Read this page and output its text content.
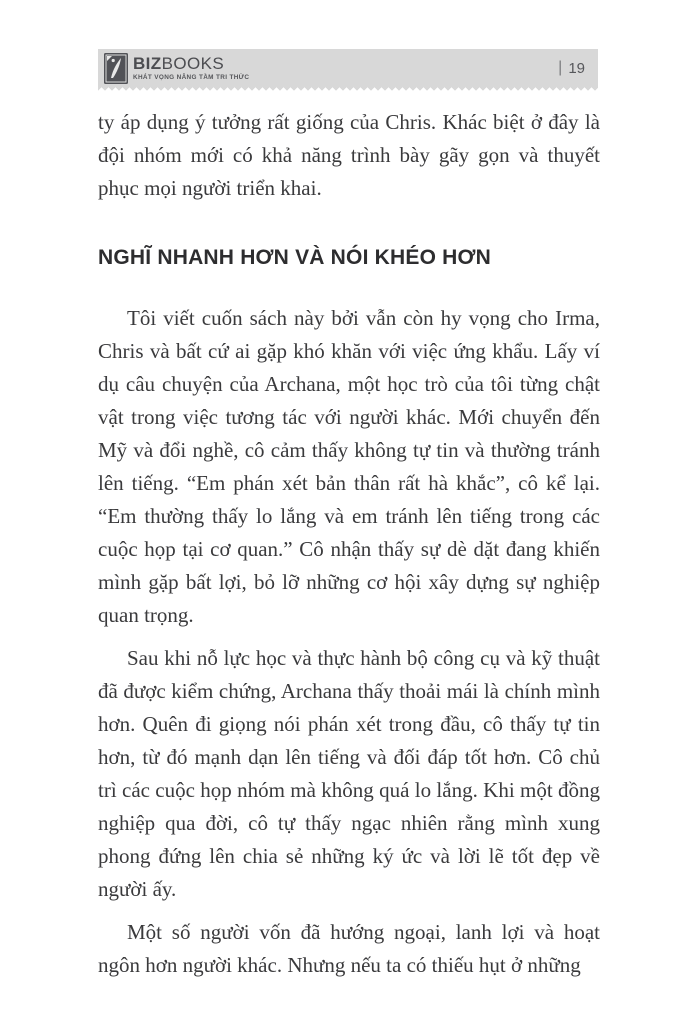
BIZBOOKS
KHÁT VỌNG NÂNG TẦM TRI THỨC
| 19

ty áp dụng ý tưởng rất giống của Chris. Khác biệt ở đây là đội nhóm mới có khả năng trình bày gãy gọn và thuyết phục mọi người triển khai.

NGHĨ NHANH HƠN VÀ NÓI KHÉO HƠN

Tôi viết cuốn sách này bởi vẫn còn hy vọng cho Irma, Chris và bất cứ ai gặp khó khăn với việc ứng khẩu. Lấy ví dụ câu chuyện của Archana, một học trò của tôi từng chật vật trong việc tương tác với người khác. Mới chuyển đến Mỹ và đổi nghề, cô cảm thấy không tự tin và thường tránh lên tiếng. “Em phán xét bản thân rất hà khắc”, cô kể lại. “Em thường thấy lo lắng và em tránh lên tiếng trong các cuộc họp tại cơ quan.” Cô nhận thấy sự dè dặt đang khiến mình gặp bất lợi, bỏ lỡ những cơ hội xây dựng sự nghiệp quan trọng.

Sau khi nỗ lực học và thực hành bộ công cụ và kỹ thuật đã được kiểm chứng, Archana thấy thoải mái là chính mình hơn. Quên đi giọng nói phán xét trong đầu, cô thấy tự tin hơn, từ đó mạnh dạn lên tiếng và đối đáp tốt hơn. Cô chủ trì các cuộc họp nhóm mà không quá lo lắng. Khi một đồng nghiệp qua đời, cô tự thấy ngạc nhiên rằng mình xung phong đứng lên chia sẻ những ký ức và lời lẽ tốt đẹp về người ấy.

Một số người vốn đã hướng ngoại, lanh lợi và hoạt ngôn hơn người khác. Nhưng nếu ta có thiếu hụt ở những
